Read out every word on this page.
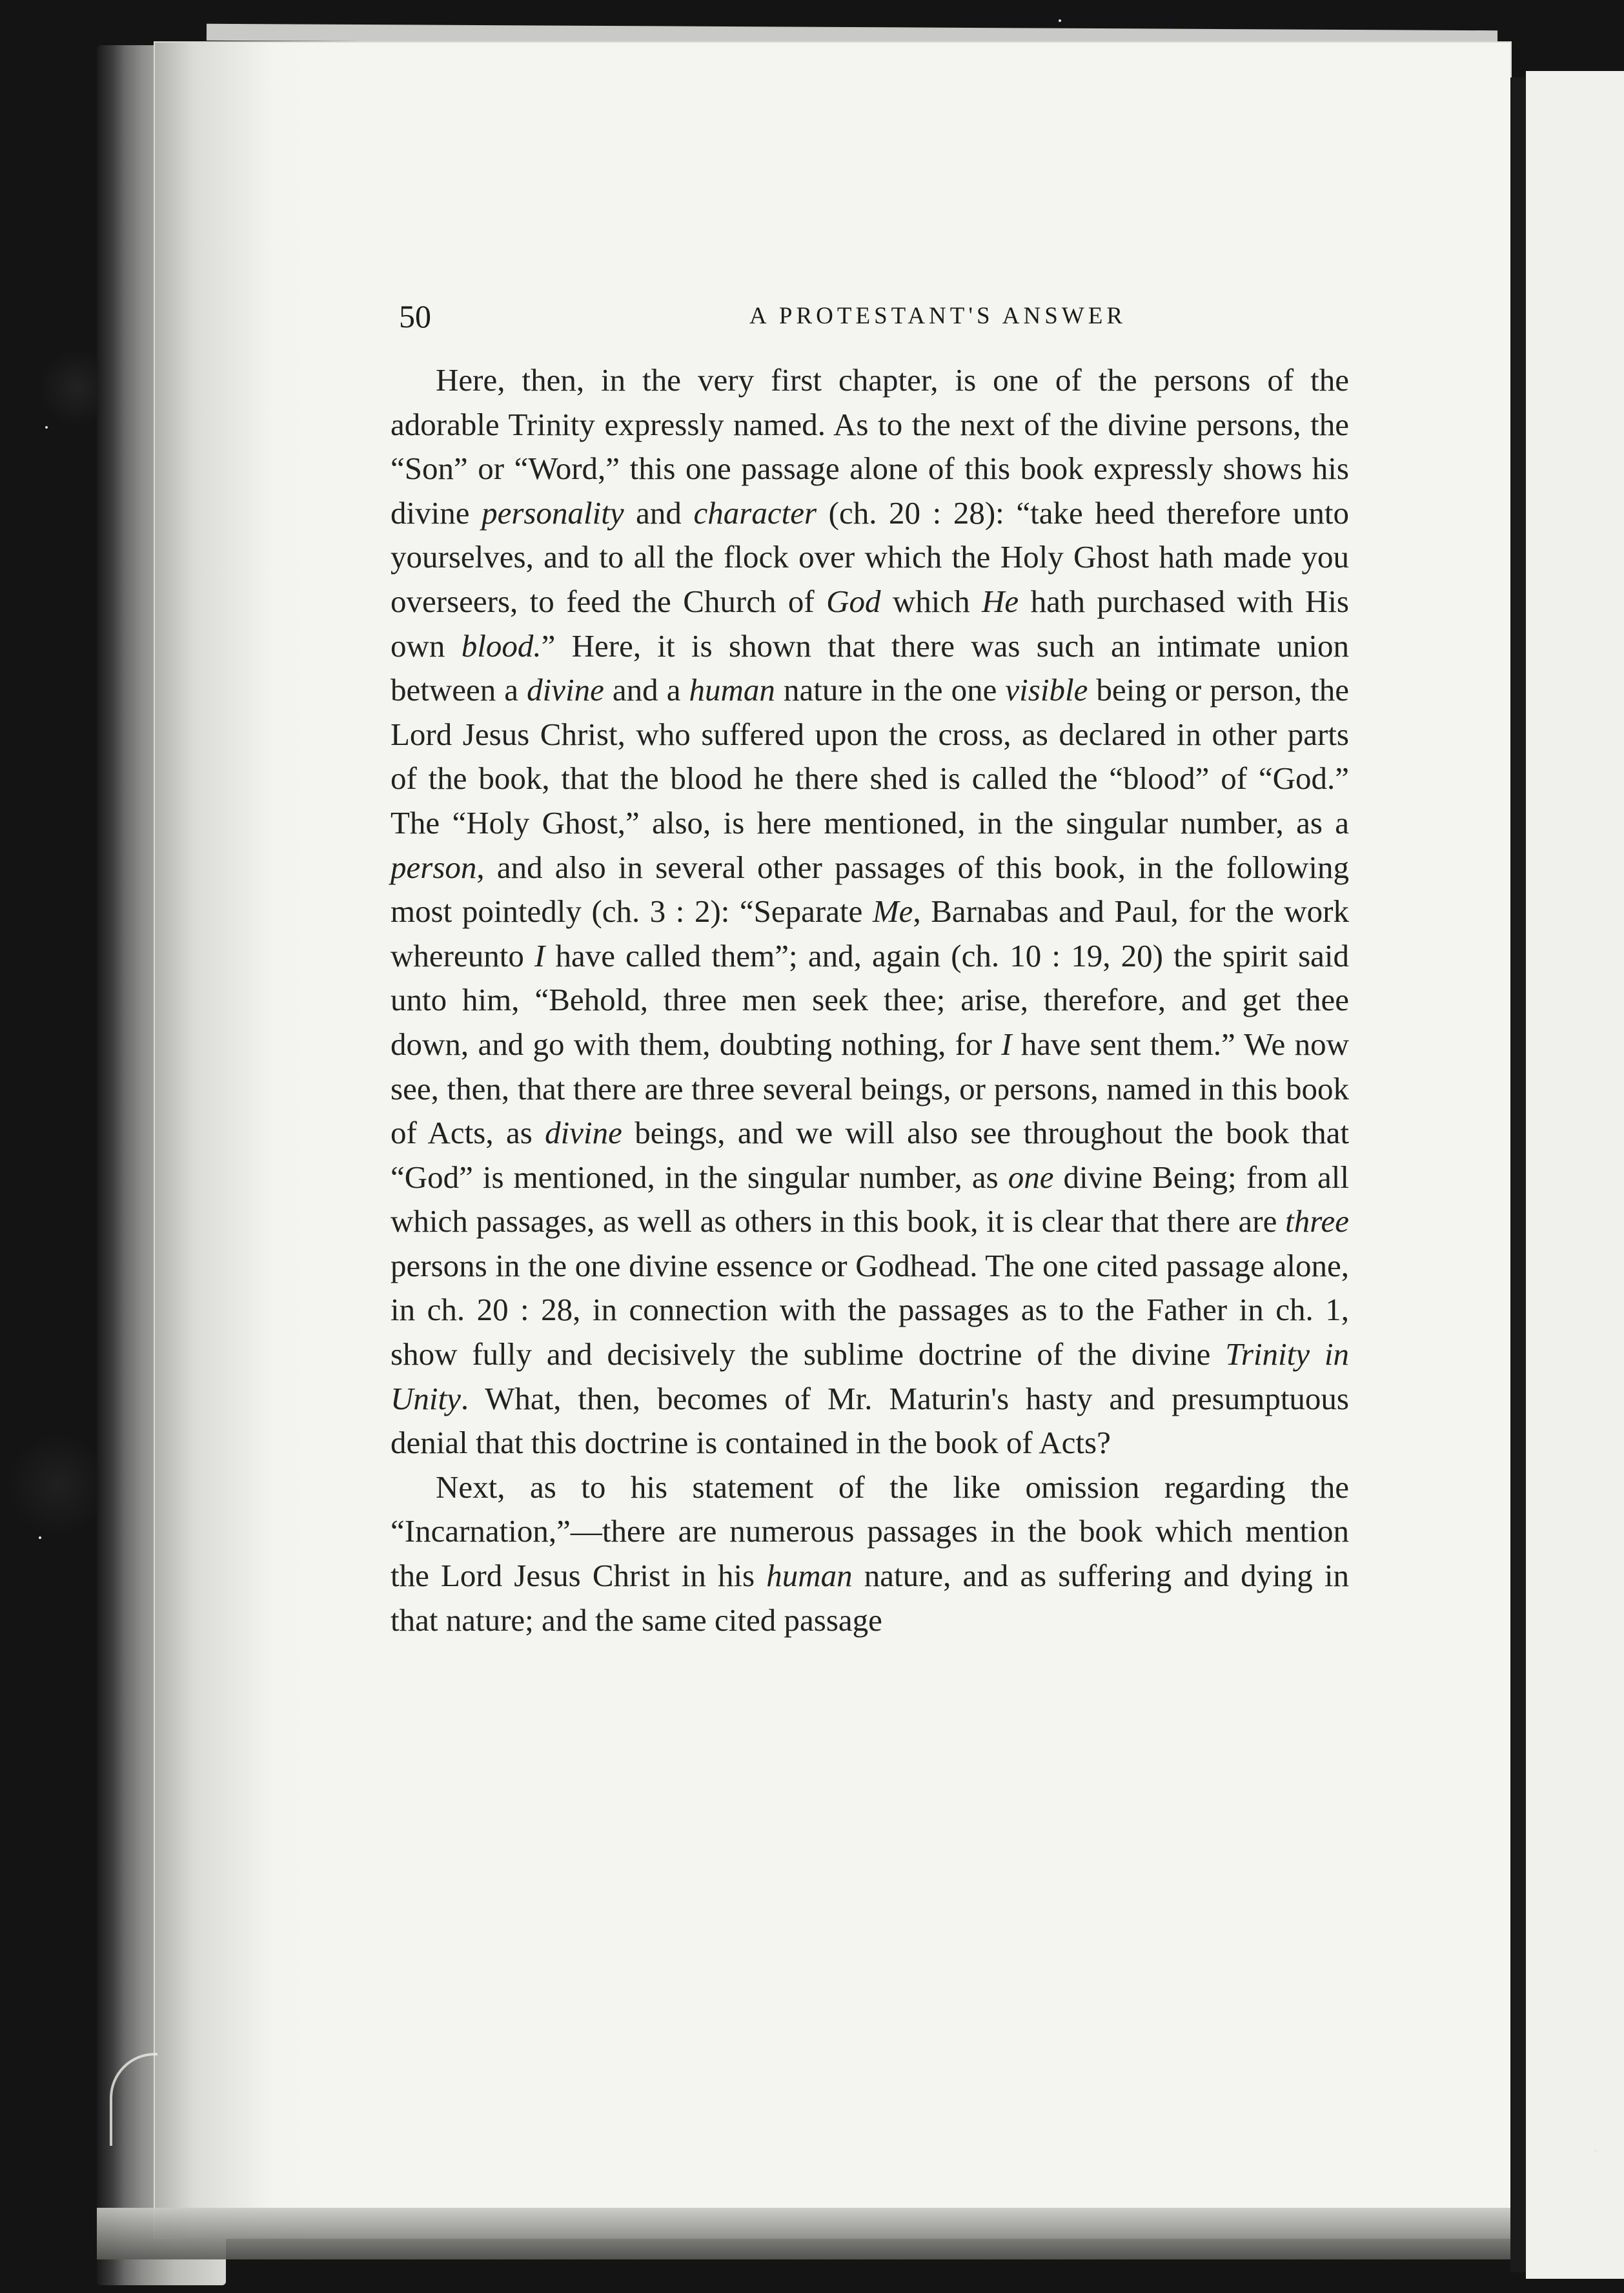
50	A PROTESTANT'S ANSWER

Here, then, in the very first chapter, is one of the persons of the adorable Trinity expressly named. As to the next of the divine persons, the “Son” or “Word,” this one passage alone of this book expressly shows his divine personality and character (ch. 20 : 28): “take heed therefore unto yourselves, and to all the flock over which the Holy Ghost hath made you overseers, to feed the Church of God which He hath purchased with His own blood.” Here, it is shown that there was such an intimate union between a divine and a human nature in the one visible being or person, the Lord Jesus Christ, who suffered upon the cross, as declared in other parts of the book, that the blood he there shed is called the “blood” of “God.” The “Holy Ghost,” also, is here mentioned, in the singular number, as a person, and also in several other passages of this book, in the following most pointedly (ch. 3 : 2): “Separate Me, Barnabas and Paul, for the work whereunto I have called them”; and, again (ch. 10 : 19, 20) the spirit said unto him, “Behold, three men seek thee; arise, therefore, and get thee down, and go with them, doubting nothing, for I have sent them.” We now see, then, that there are three several beings, or persons, named in this book of Acts, as divine beings, and we will also see throughout the book that “God” is mentioned, in the singular number, as one divine Being; from all which passages, as well as others in this book, it is clear that there are three persons in the one divine essence or Godhead. The one cited passage alone, in ch. 20 : 28, in connection with the passages as to the Father in ch. 1, show fully and decisively the sublime doctrine of the divine Trinity in Unity. What, then, becomes of Mr. Maturin's hasty and presumptuous denial that this doctrine is contained in the book of Acts?

Next, as to his statement of the like omission regarding the “Incarnation,”—there are numerous passages in the book which mention the Lord Jesus Christ in his human nature, and as suffering and dying in that nature; and the same cited passage
